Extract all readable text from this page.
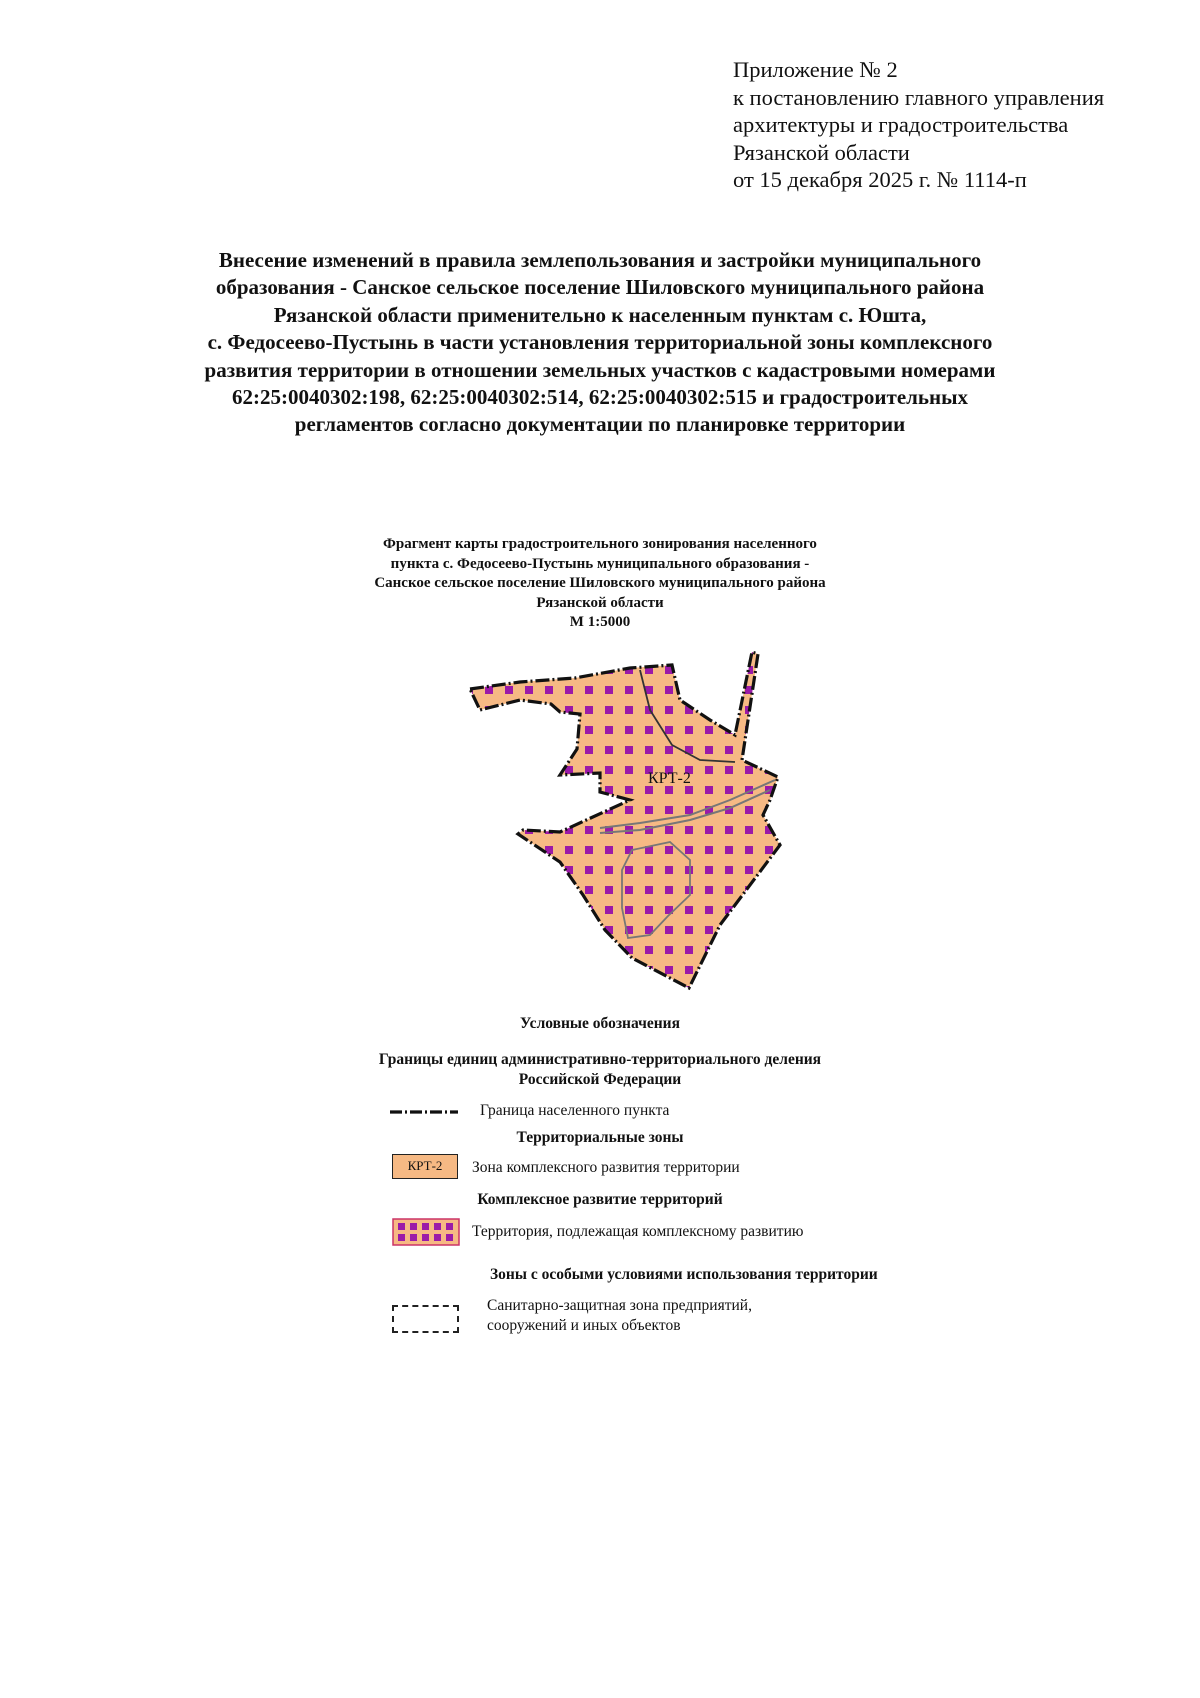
Приложение № 2
к постановлению главного управления
архитектуры и градостроительства
Рязанской области
от 15 декабря 2025 г. № 1114-п
Внесение изменений в правила землепользования и застройки муниципального
образования - Санское сельское поселение Шиловского муниципального района
Рязанской области применительно к населенным пунктам с. Юшта,
с. Федосеево-Пустынь в части установления территориальной зоны комплексного
развития территории в отношении земельных участков с кадастровыми номерами
62:25:0040302:198, 62:25:0040302:514, 62:25:0040302:515 и градостроительных
регламентов согласно документации по планировке территории
Фрагмент карты градостроительного зонирования населенного
пункта с. Федосеево-Пустынь муниципального образования -
Санское сельское поселение Шиловского муниципального района
Рязанской области
М 1:5000
КРТ-2
Условные обозначения
Границы единиц административно-территориального деления
Российской Федерации
Граница населенного пункта
Территориальные зоны
КРТ-2	Зона комплексного развития территории
Комплексное развитие территорий
Территория, подлежащая комплексному развитию
Зоны с особыми условиями использования территории
Санитарно-защитная зона предприятий,
сооружений и иных объектов
